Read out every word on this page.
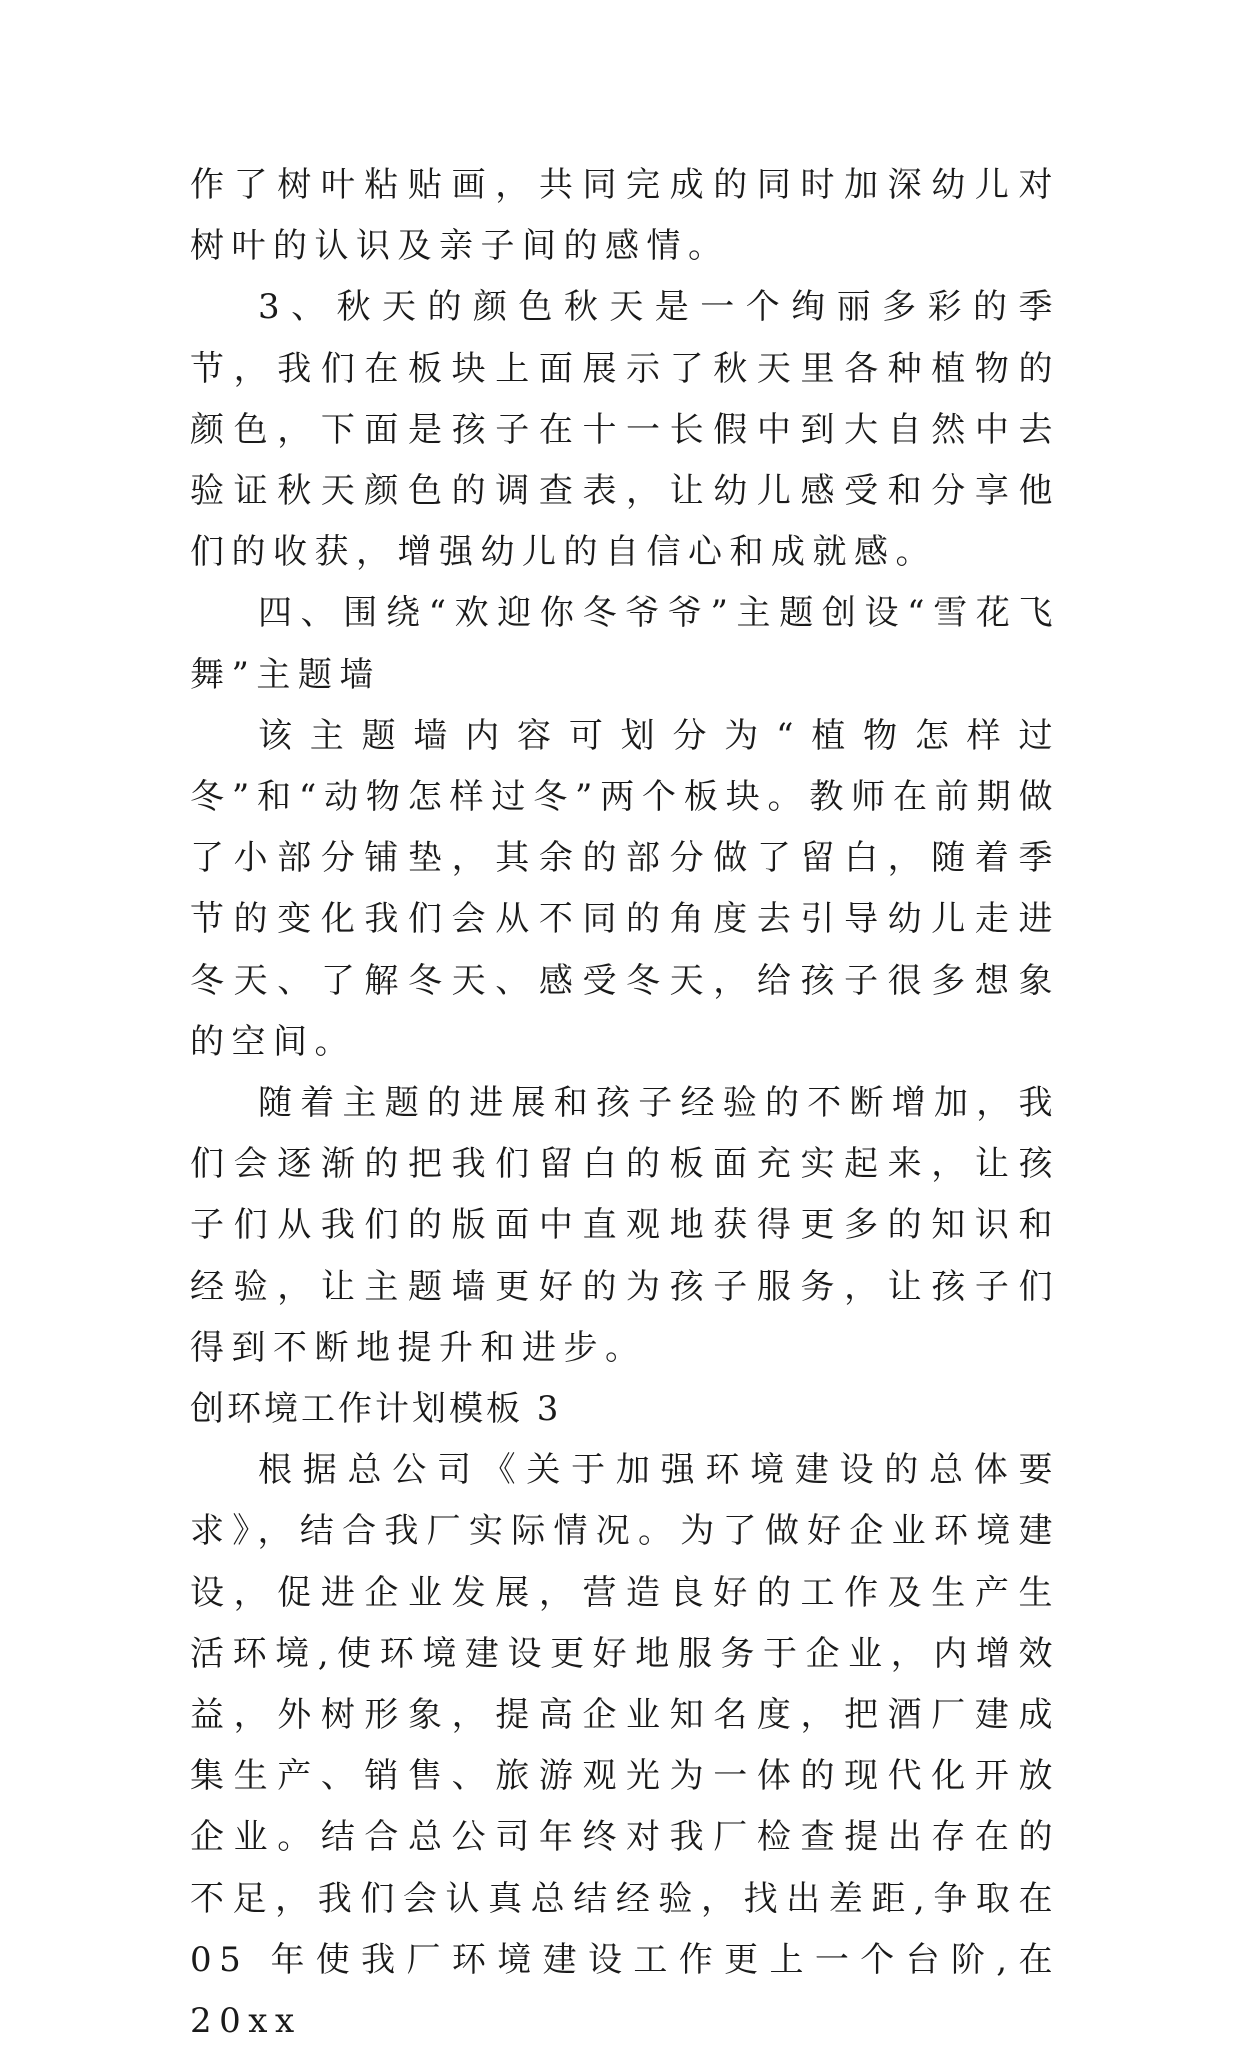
作了树叶粘贴画，共同完成的同时加深幼儿对树叶的认识及亲子间的感情。

3、秋天的颜色秋天是一个绚丽多彩的季节，我们在板块上面展示了秋天里各种植物的颜色，下面是孩子在十一长假中到大自然中去验证秋天颜色的调查表，让幼儿感受和分享他们的收获，增强幼儿的自信心和成就感。

四、围绕“欢迎你冬爷爷”主题创设“雪花飞舞”主题墙

该主题墙内容可划分为“植物怎样过冬”和“动物怎样过冬”两个板块。教师在前期做了小部分铺垫，其余的部分做了留白，随着季节的变化我们会从不同的角度去引导幼儿走进冬天、了解冬天、感受冬天，给孩子很多想象的空间。

随着主题的进展和孩子经验的不断增加，我们会逐渐的把我们留白的板面充实起来，让孩子们从我们的版面中直观地获得更多的知识和经验，让主题墙更好的为孩子服务，让孩子们得到不断地提升和进步。

创环境工作计划模板 3

根据总公司《关于加强环境建设的总体要求》，结合我厂实际情况。为了做好企业环境建设，促进企业发展，营造良好的工作及生产生活环境,使环境建设更好地服务于企业，内增效益，外树形象，提高企业知名度，把酒厂建成集生产、销售、旅游观光为一体的现代化开放企业。结合总公司年终对我厂检查提出存在的不足，我们会认真总结经验，找出差距,争取在 05 年使我厂环境建设工作更上一个台阶,在 20xx
